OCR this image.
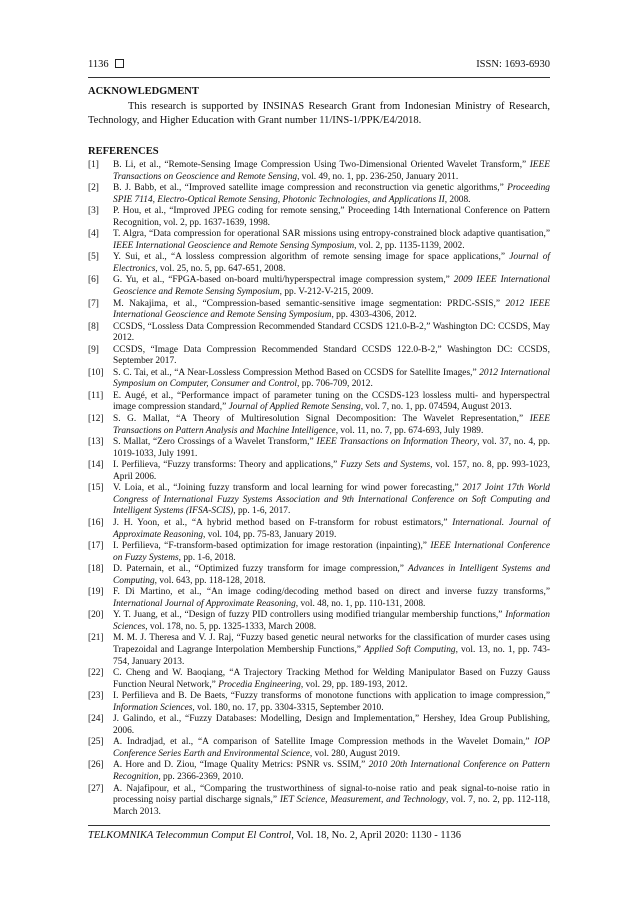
1136	ISSN: 1693-6930
ACKNOWLEDGMENT
This research is supported by INSINAS Research Grant from Indonesian Ministry of Research, Technology, and Higher Education with Grant number 11/INS-1/PPK/E4/2018.
REFERENCES
[1] B. Li, et al., “Remote-Sensing Image Compression Using Two-Dimensional Oriented Wavelet Transform,” IEEE Transactions on Geoscience and Remote Sensing, vol. 49, no. 1, pp. 236-250, January 2011.
[2] B. J. Babb, et al., “Improved satellite image compression and reconstruction via genetic algorithms,” Proceeding SPIE 7114, Electro-Optical Remote Sensing, Photonic Technologies, and Applications II, 2008.
[3] P. Hou, et al., “Improved JPEG coding for remote sensing,” Proceeding 14th International Conference on Pattern Recognition, vol. 2, pp. 1637-1639, 1998.
[4] T. Algra, “Data compression for operational SAR missions using entropy-constrained block adaptive quantisation,” IEEE International Geoscience and Remote Sensing Symposium, vol. 2, pp. 1135-1139, 2002.
[5] Y. Sui, et al., “A lossless compression algorithm of remote sensing image for space applications,” Journal of Electronics, vol. 25, no. 5, pp. 647-651, 2008.
[6] G. Yu, et al., “FPGA-based on-board multi/hyperspectral image compression system,” 2009 IEEE International Geoscience and Remote Sensing Symposium, pp. V-212-V-215, 2009.
[7] M. Nakajima, et al., “Compression-based semantic-sensitive image segmentation: PRDC-SSIS,” 2012 IEEE International Geoscience and Remote Sensing Symposium, pp. 4303-4306, 2012.
[8] CCSDS, “Lossless Data Compression Recommended Standard CCSDS 121.0-B-2,” Washington DC: CCSDS, May 2012.
[9] CCSDS, “Image Data Compression Recommended Standard CCSDS 122.0-B-2,” Washington DC: CCSDS, September 2017.
[10] S. C. Tai, et al., “A Near-Lossless Compression Method Based on CCSDS for Satellite Images,” 2012 International Symposium on Computer, Consumer and Control, pp. 706-709, 2012.
[11] E. Augé, et al., “Performance impact of parameter tuning on the CCSDS-123 lossless multi- and hyperspectral image compression standard,” Journal of Applied Remote Sensing, vol. 7, no. 1, pp. 074594, August 2013.
[12] S. G. Mallat, “A Theory of Multiresolution Signal Decomposition: The Wavelet Representation,” IEEE Transactions on Pattern Analysis and Machine Intelligence, vol. 11, no. 7, pp. 674-693, July 1989.
[13] S. Mallat, “Zero Crossings of a Wavelet Transform,” IEEE Transactions on Information Theory, vol. 37, no. 4, pp. 1019-1033, July 1991.
[14] I. Perfilieva, “Fuzzy transforms: Theory and applications,” Fuzzy Sets and Systems, vol. 157, no. 8, pp. 993-1023, April 2006.
[15] V. Loia, et al., “Joining fuzzy transform and local learning for wind power forecasting,” 2017 Joint 17th World Congress of International Fuzzy Systems Association and 9th International Conference on Soft Computing and Intelligent Systems (IFSA-SCIS), pp. 1-6, 2017.
[16] J. H. Yoon, et al., “A hybrid method based on F-transform for robust estimators,” International. Journal of Approximate Reasoning, vol. 104, pp. 75-83, January 2019.
[17] I. Perfilieva, “F-transform-based optimization for image restoration (inpainting),” IEEE International Conference on Fuzzy Systems, pp. 1-6, 2018.
[18] D. Paternain, et al., “Optimized fuzzy transform for image compression,” Advances in Intelligent Systems and Computing, vol. 643, pp. 118-128, 2018.
[19] F. Di Martino, et al., “An image coding/decoding method based on direct and inverse fuzzy transforms,” International Journal of Approximate Reasoning, vol. 48, no. 1, pp. 110-131, 2008.
[20] Y. T. Juang, et al., “Design of fuzzy PID controllers using modified triangular membership functions,” Information Sciences, vol. 178, no. 5, pp. 1325-1333, March 2008.
[21] M. M. J. Theresa and V. J. Raj, “Fuzzy based genetic neural networks for the classification of murder cases using Trapezoidal and Lagrange Interpolation Membership Functions,” Applied Soft Computing, vol. 13, no. 1, pp. 743-754, January 2013.
[22] C. Cheng and W. Baoqiang, “A Trajectory Tracking Method for Welding Manipulator Based on Fuzzy Gauss Function Neural Network,” Procedia Engineering, vol. 29, pp. 189-193, 2012.
[23] I. Perfilieva and B. De Baets, “Fuzzy transforms of monotone functions with application to image compression,” Information Sciences, vol. 180, no. 17, pp. 3304-3315, September 2010.
[24] J. Galindo, et al., “Fuzzy Databases: Modelling, Design and Implementation,” Hershey, Idea Group Publishing, 2006.
[25] A. Indradjad, et al., “A comparison of Satellite Image Compression methods in the Wavelet Domain,” IOP Conference Series Earth and Environmental Science, vol. 280, August 2019.
[26] A. Hore and D. Ziou, “Image Quality Metrics: PSNR vs. SSIM,” 2010 20th International Conference on Pattern Recognition, pp. 2366-2369, 2010.
[27] A. Najafipour, et al., “Comparing the trustworthiness of signal-to-noise ratio and peak signal-to-noise ratio in processing noisy partial discharge signals,” IET Science, Measurement, and Technology, vol. 7, no. 2, pp. 112-118, March 2013.
TELKOMNIKA Telecommun Comput El Control, Vol. 18, No. 2, April 2020: 1130 - 1136
